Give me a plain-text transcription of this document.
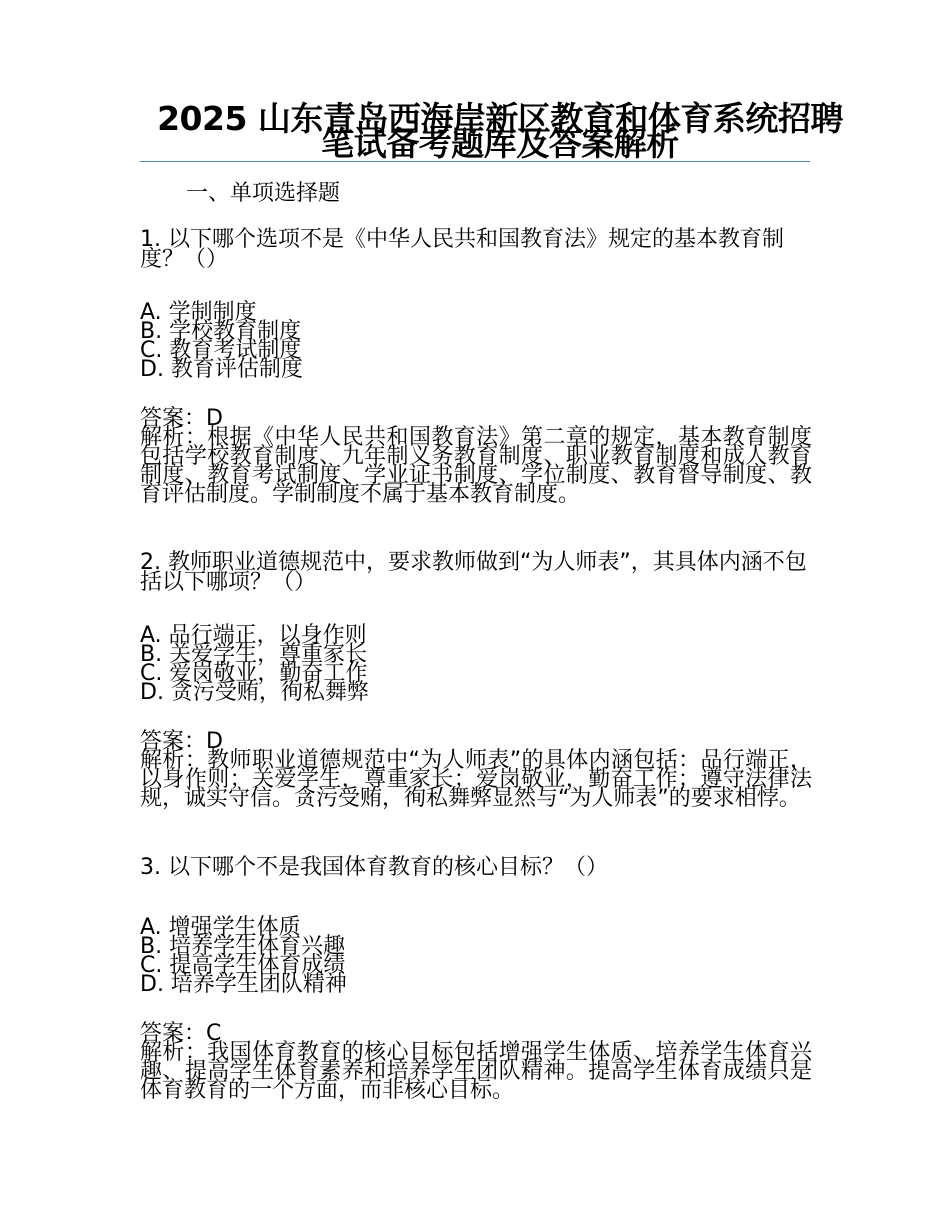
2025 山东青岛西海岸新区教育和体育系统招聘笔试备考题库及答案解析
一、单项选择题

1. 以下哪个选项不是《中华人民共和国教育法》规定的基本教育制度？（）

A. 学制制度
B. 学校教育制度
C. 教育考试制度
D. 教育评估制度
答案：D
解析：根据《中华人民共和国教育法》第二章的规定，基本教育制度包括学校教育制度、九年制义务教育制度、职业教育制度和成人教育制度、教育考试制度、学业证书制度、学位制度、教育督导制度、教育评估制度。学制制度不属于基本教育制度。

2. 教师职业道德规范中，要求教师做到“为人师表”，其具体内涵不包括以下哪项？（）

A. 品行端正，以身作则
B. 关爱学生，尊重家长
C. 爱岗敬业，勤奋工作
D. 贪污受贿，徇私舞弊
答案：D
解析：教师职业道德规范中“为人师表”的具体内涵包括：品行端正，以身作则；关爱学生，尊重家长；爱岗敬业，勤奋工作；遵守法律法规，诚实守信。贪污受贿，徇私舞弊显然与“为人师表”的要求相悖。

3. 以下哪个不是我国体育教育的核心目标？（）

A. 增强学生体质
B. 培养学生体育兴趣
C. 提高学生体育成绩
D. 培养学生团队精神
答案：C
解析：我国体育教育的核心目标包括增强学生体质、培养学生体育兴趣、提高学生体育素养和培养学生团队精神。提高学生体育成绩只是体育教育的一个方面，而非核心目标。
